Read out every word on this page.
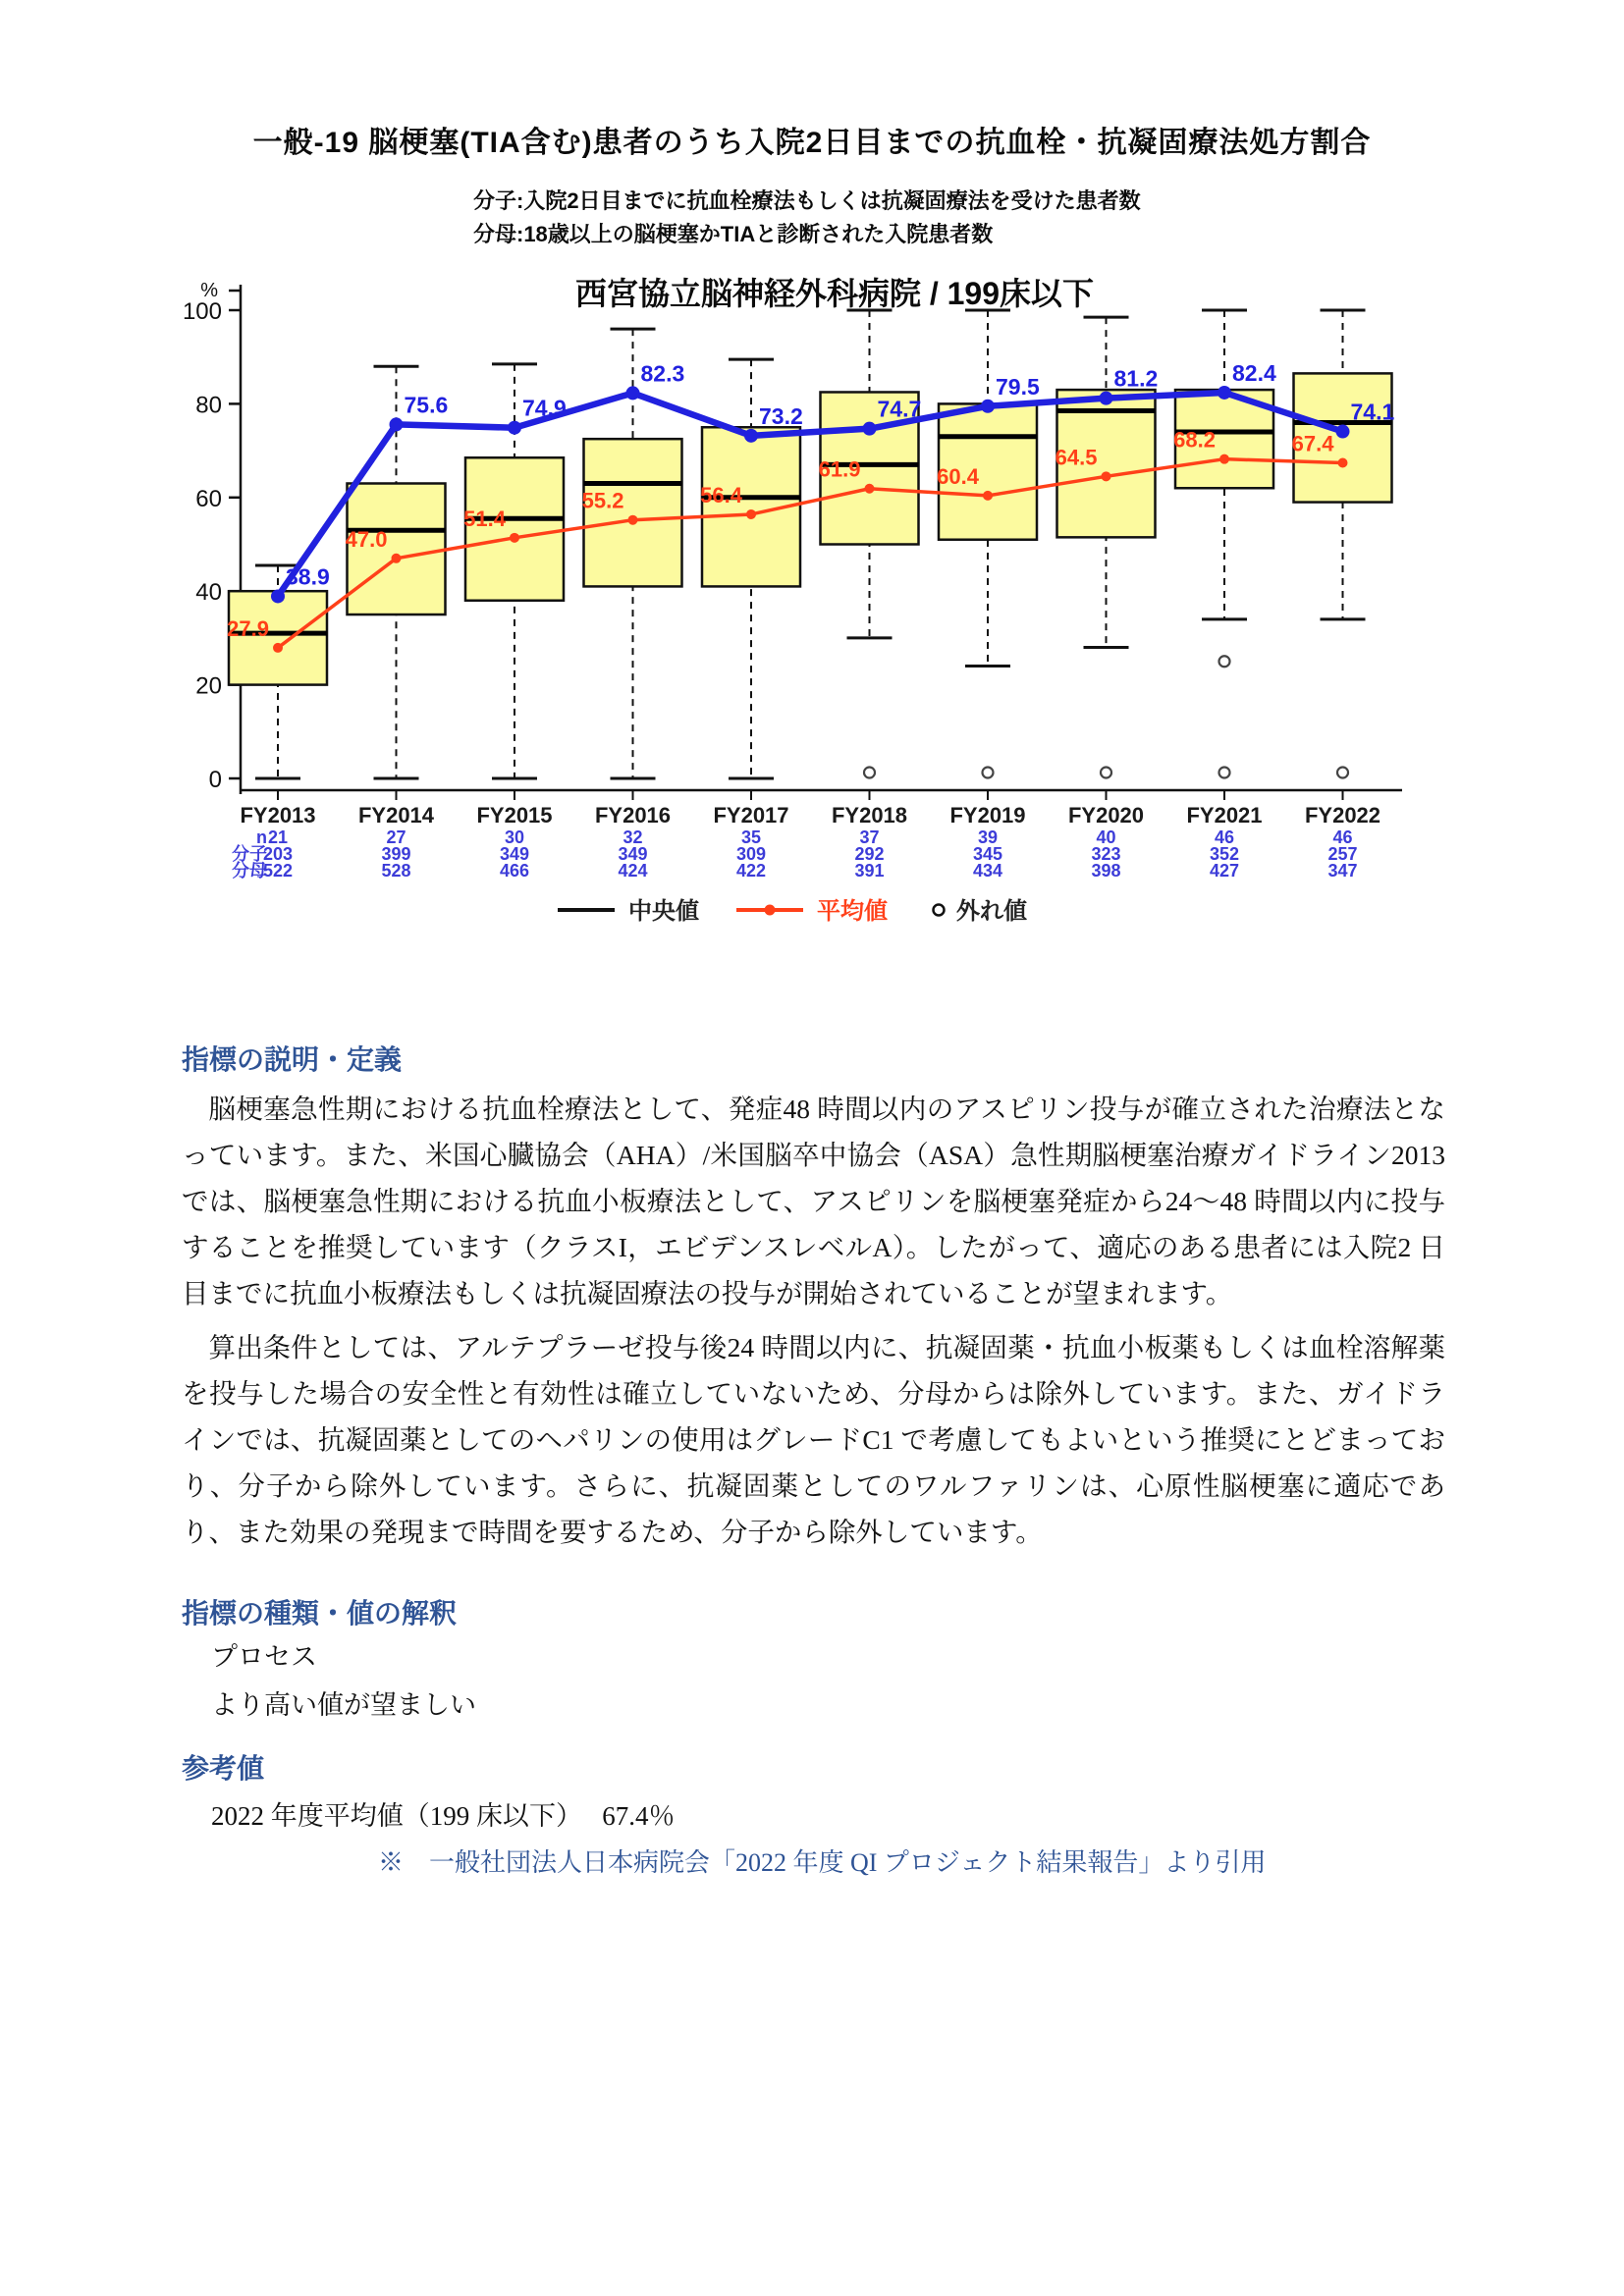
一般-19 脳梗塞(TIA含む)患者のうち入院2日目までの抗血栓・抗凝固療法処方割合
分子:入院2日目までに抗血栓療法もしくは抗凝固療法を受けた患者数
分母:18歳以上の脳梗塞かTIAと診断された入院患者数
西宮協立脳神経外科病院 / 199床以下
%
0
20
40
60
80
100
FY2013 FY2014 FY2015 FY2016 FY2017 FY2018 FY2019 FY2020 FY2021 FY2022
27.9
47.0
51.4
55.2	56.4
61.9	60.4
64.5
68.2	67.4
38.9
75.6	74.9
82.3
73.2	74.7
79.5	81.2	82.4
74.1
n 21	27	30	32	35	37	39	40	46	46
分子
203	399	349	349	309	292	345	323	352	257
分母
522	528	466	424	422	391	434	398	427	347
中央値	平均値	外れ値
指標の説明・定義

脳梗塞急性期における抗血栓療法として、発症48 時間以内のアスピリン投与が確立された治療法となっています。また、米国心臓協会（AHA）/米国脳卒中協会（ASA）急性期脳梗塞治療ガイドライン2013 では、脳梗塞急性期における抗血小板療法として、アスピリンを脳梗塞発症から24～48 時間以内に投与することを推奨しています（クラスI，エビデンスレベルA）。したがって、適応のある患者には入院2 日目までに抗血小板療法もしくは抗凝固療法の投与が開始されていることが望まれます。

算出条件としては、アルテプラーゼ投与後24 時間以内に、抗凝固薬・抗血小板薬もしくは血栓溶解薬を投与した場合の安全性と有効性は確立していないため、分母からは除外しています。また、ガイドラインでは、抗凝固薬としてのヘパリンの使用はグレードC1 で考慮してもよいという推奨にとどまっており、分子から除外しています。さらに、抗凝固薬としてのワルファリンは、心原性脳梗塞に適応であり、また効果の発現まで時間を要するため、分子から除外しています。

指標の種類・値の解釈
プロセス
より高い値が望ましい
参考値
2022 年度平均値（199 床以下）　 67.4％
※　一般社団法人日本病院会「2022 年度 QI プロジェクト結果報告」より引用
